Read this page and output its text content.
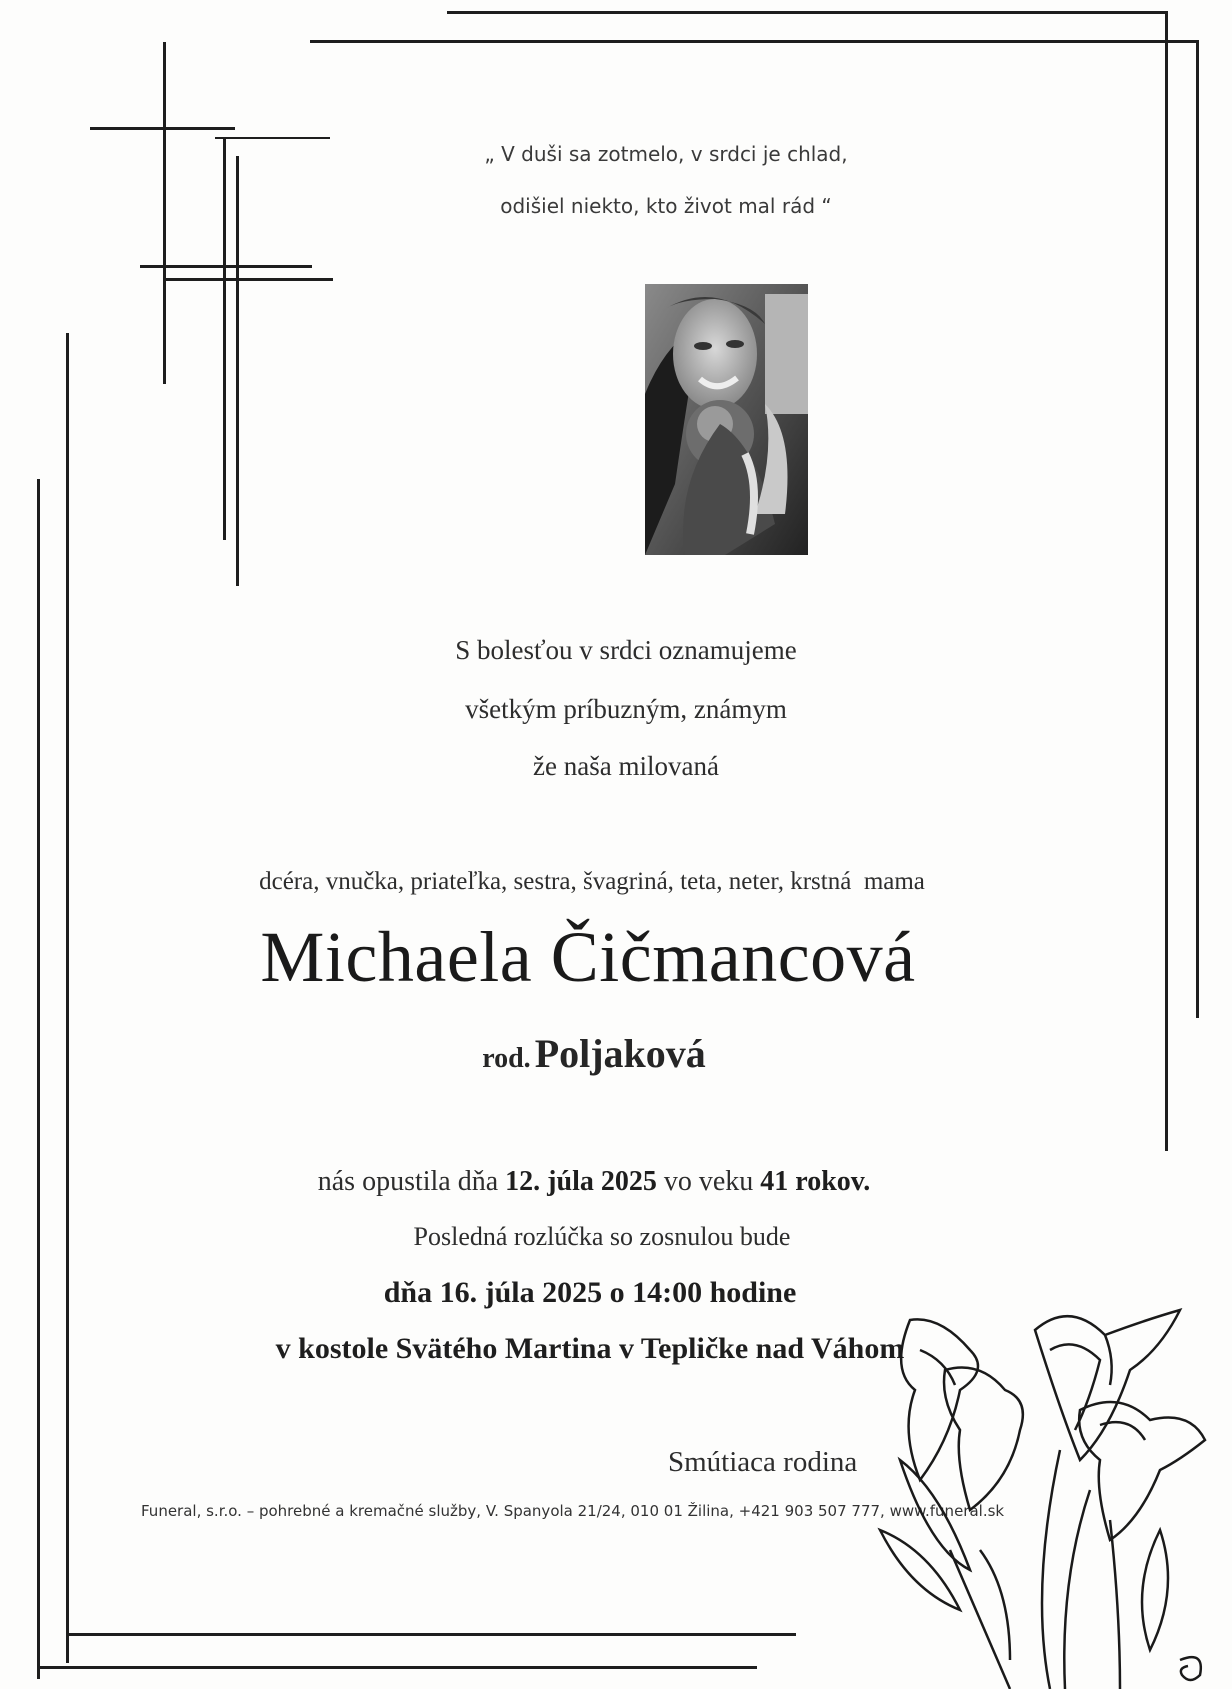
„ V duši sa zotmelo, v srdci je chlad,
odišiel niekto, kto život mal rád “
S bolesťou v srdci oznamujeme
všetkým príbuzným, známym
že naša milovaná
dcéra, vnučka, priateľka, sestra, švagriná, teta, neter, krstná  mama
Michaela Čičmancová
rod. Poljaková
nás opustila dňa 12. júla 2025 vo veku 41 rokov.
Posledná rozlúčka so zosnulou bude
dňa 16. júla 2025 o 14:00 hodine
v kostole Svätého Martina v Tepličke nad Váhom
Smútiaca rodina
Funeral, s.r.o. – pohrebné a kremačné služby, V. Spanyola 21/24, 010 01 Žilina, +421 903 507 777, www.funeral.sk
